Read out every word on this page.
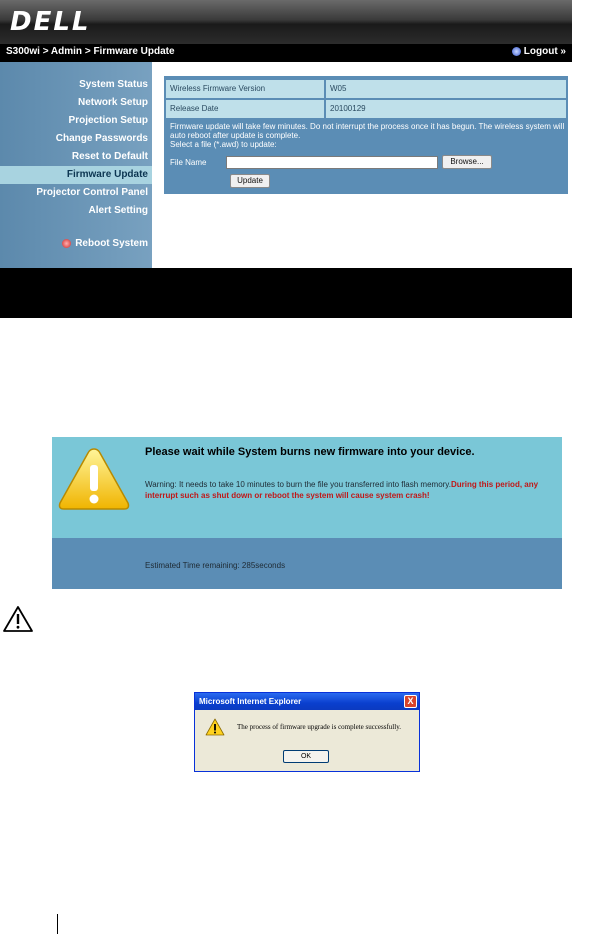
DELL
S300wi > Admin > Firmware Update	Logout »
System Status
Network Setup
Projection Setup
Change Passwords
Reset to Default
Firmware Update
Projector Control Panel
Alert Setting
Reboot System
Wireless Firmware Version	W05
Release Date	20100129
Firmware update will take few minutes. Do not interrupt the process once it has begun. The wireless system will auto reboot after update is complete.
Select a file (*.awd) to update:
File Name	Browse...
Update
Estimated Time remaining: 285seconds
Please wait while System burns new firmware into your device.
Warning: It needs to take 10 minutes to burn the file you transferred into flash memory.During this period, any interrupt such as shut down or reboot the system will cause system crash!
Microsoft Internet Explorer	X
The process of firmware upgrade is complete successfully.
OK
